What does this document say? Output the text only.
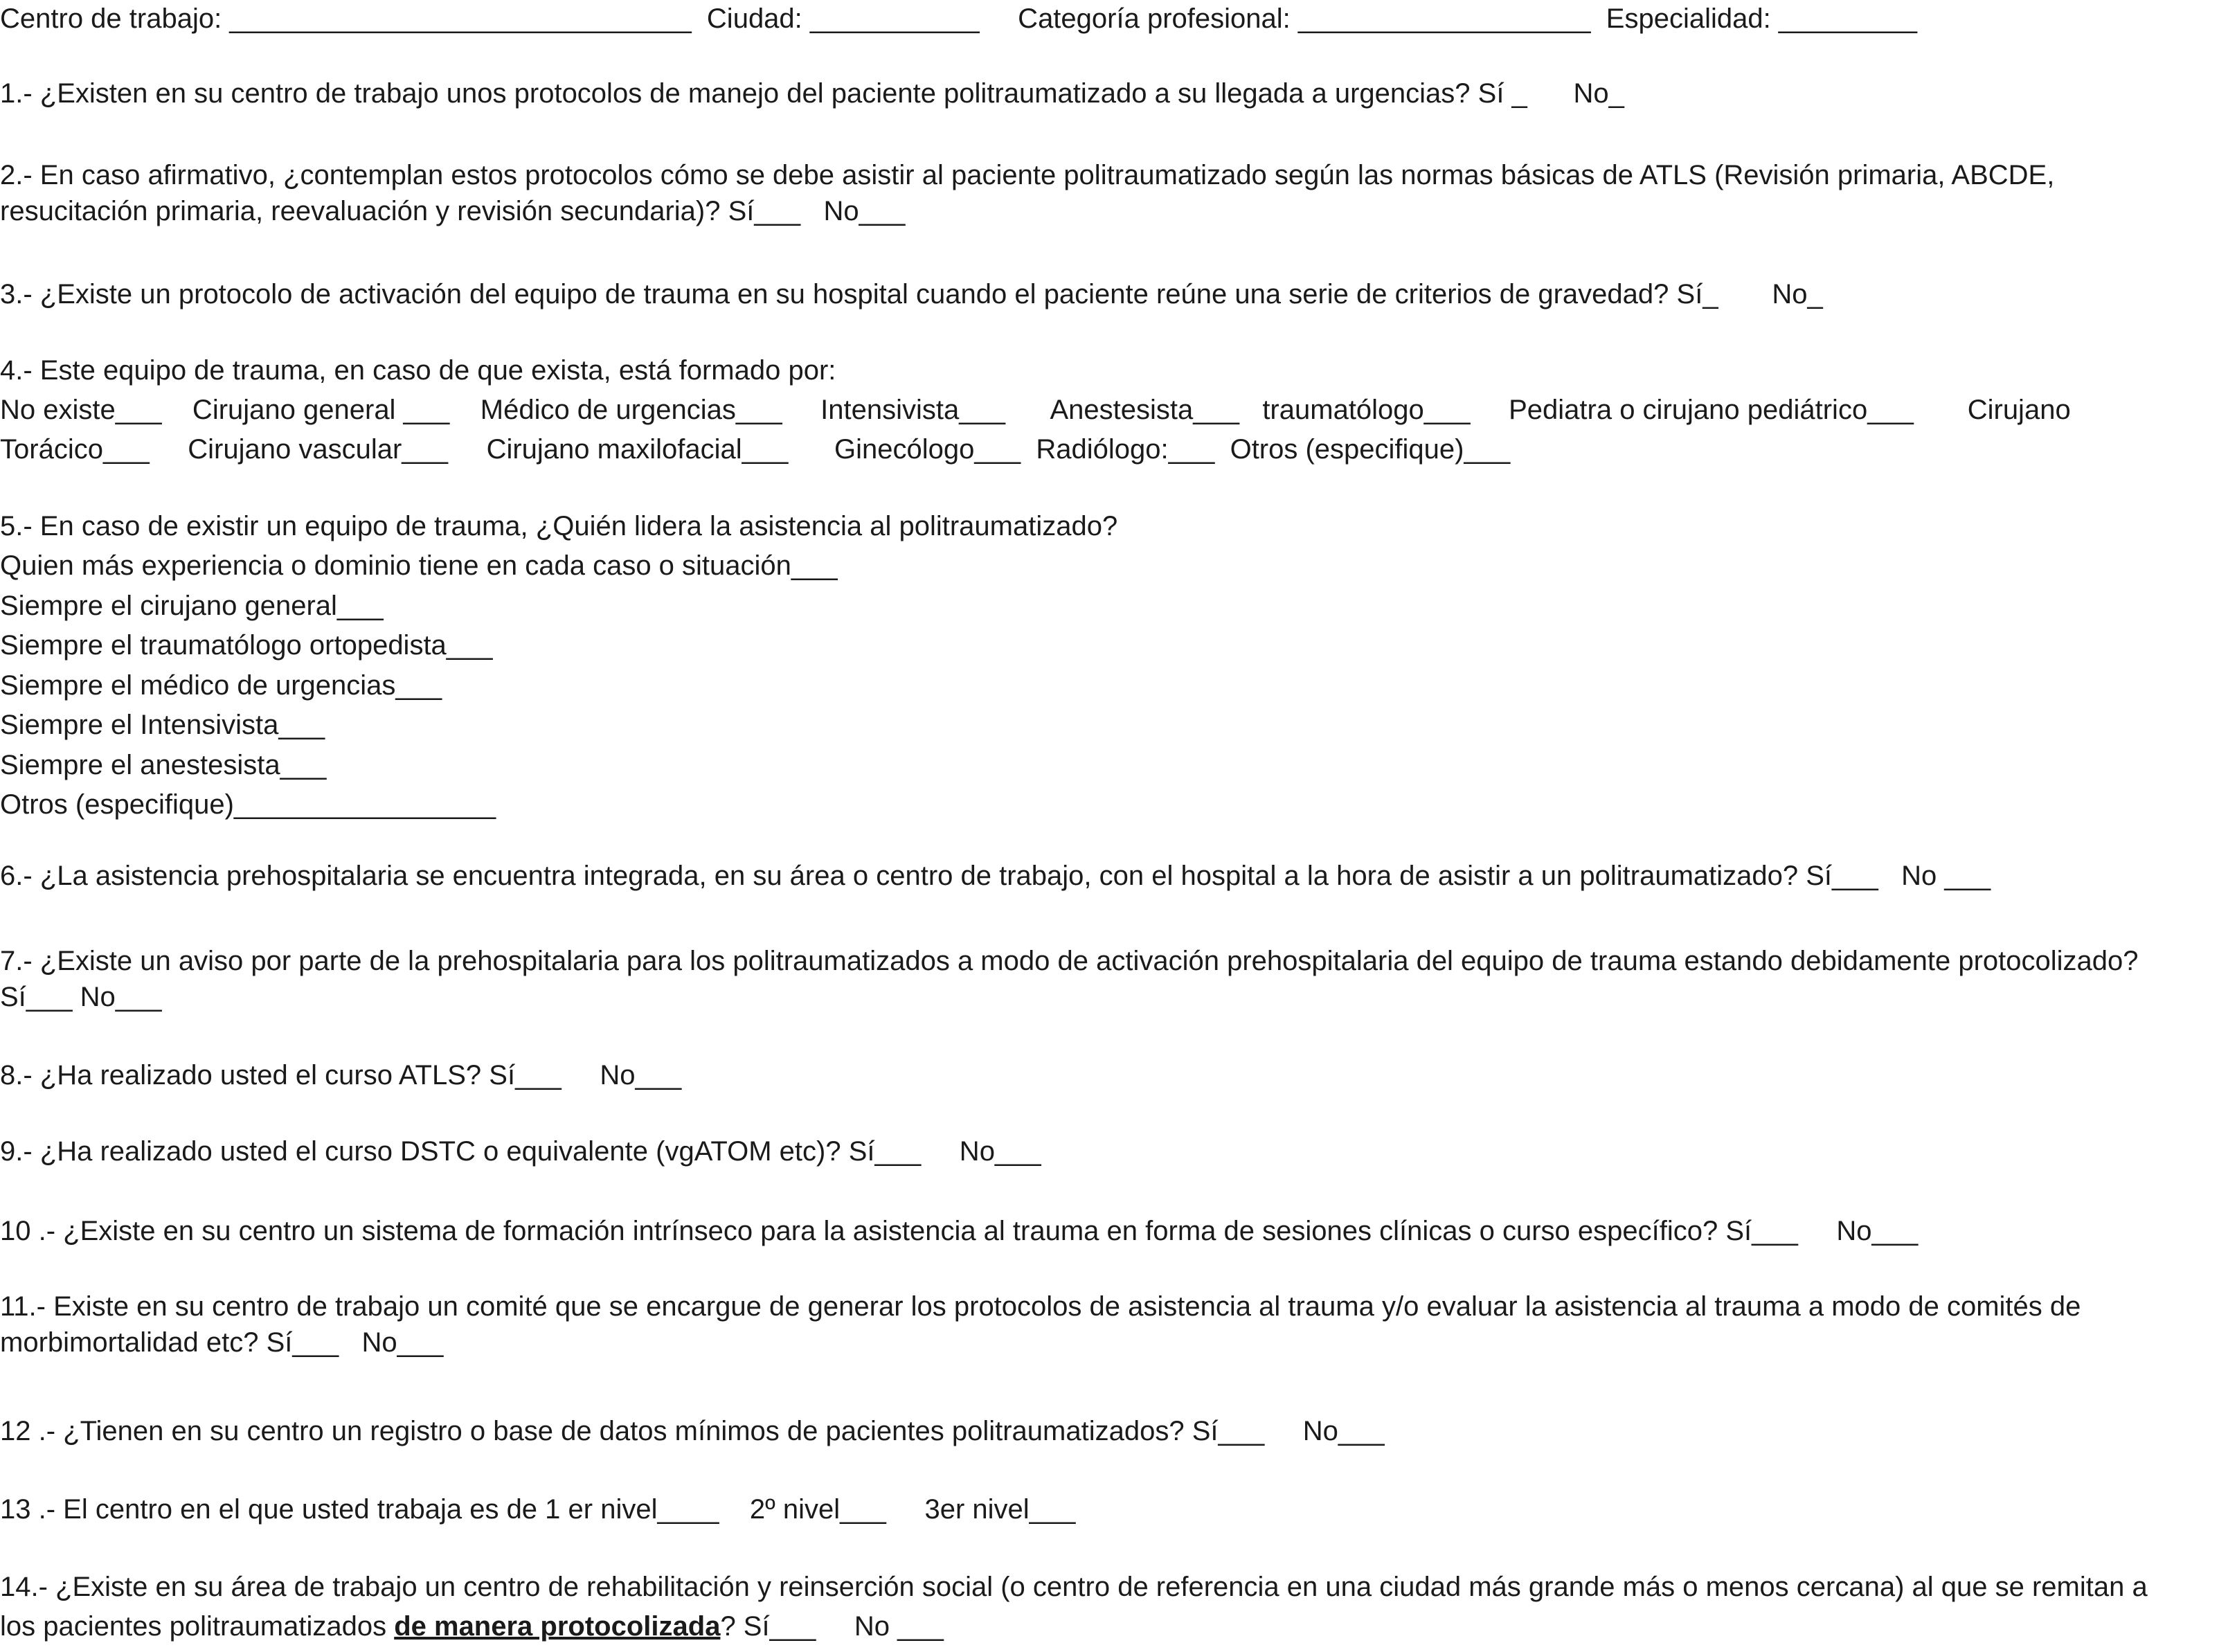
Centro de trabajo: ______________________________  Ciudad: ___________     Categoría profesional: ___________________  Especialidad: _________
1.- ¿Existen en su centro de trabajo unos protocolos de manejo del paciente politraumatizado a su llegada a urgencias? Sí _      No_
2.- En caso afirmativo, ¿contemplan estos protocolos cómo se debe asistir al paciente politraumatizado según las normas básicas de ATLS (Revisión primaria, ABCDE,
resucitación primaria, reevaluación y revisión secundaria)? Sí___   No___
3.- ¿Existe un protocolo de activación del equipo de trauma en su hospital cuando el paciente reúne una serie de criterios de gravedad? Sí_       No_
4.- Este equipo de trauma, en caso de que exista, está formado por:
No existe___    Cirujano general ___    Médico de urgencias___     Intensivista___      Anestesista___   traumatólogo___     Pediatra o cirujano pediátrico___       Cirujano
Torácico___     Cirujano vascular___     Cirujano maxilofacial___      Ginecólogo___  Radiólogo:___  Otros (especifique)___
5.- En caso de existir un equipo de trauma, ¿Quién lidera la asistencia al politraumatizado?
Quien más experiencia o dominio tiene en cada caso o situación___
Siempre el cirujano general___
Siempre el traumatólogo ortopedista___
Siempre el médico de urgencias___
Siempre el Intensivista___
Siempre el anestesista___
Otros (especifique)_________________
6.- ¿La asistencia prehospitalaria se encuentra integrada, en su área o centro de trabajo, con el hospital a la hora de asistir a un politraumatizado? Sí___   No ___
7.- ¿Existe un aviso por parte de la prehospitalaria para los politraumatizados a modo de activación prehospitalaria del equipo de trauma estando debidamente protocolizado?
Sí___ No___
8.- ¿Ha realizado usted el curso ATLS? Sí___     No___
9.- ¿Ha realizado usted el curso DSTC o equivalente (vgATOM etc)? Sí___     No___
10 .- ¿Existe en su centro un sistema de formación intrínseco para la asistencia al trauma en forma de sesiones clínicas o curso específico? Sí___     No___
11.- Existe en su centro de trabajo un comité que se encargue de generar los protocolos de asistencia al trauma y/o evaluar la asistencia al trauma a modo de comités de
morbimortalidad etc? Sí___   No___
12 .- ¿Tienen en su centro un registro o base de datos mínimos de pacientes politraumatizados? Sí___     No___
13 .- El centro en el que usted trabaja es de 1 er nivel____    2º nivel___     3er nivel___
14.- ¿Existe en su área de trabajo un centro de rehabilitación y reinserción social (o centro de referencia en una ciudad más grande más o menos cercana) al que se remitan a
los pacientes politraumatizados de manera protocolizada? Sí___     No ___
